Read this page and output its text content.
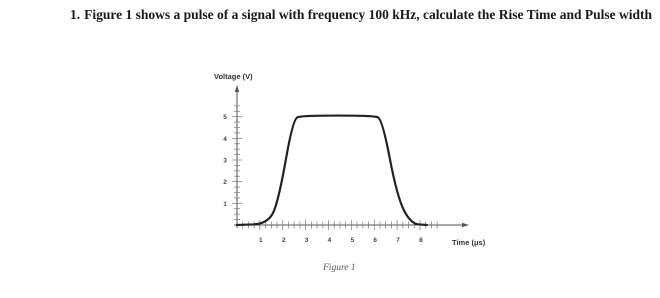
1. Figure 1 shows a pulse of a signal with frequency 100 kHz, calculate the Rise Time and Pulse width
1
2
3
4
5
1	2	3	4	5	6	7	8
Voltage (V)
Time (μs)
Figure 1
